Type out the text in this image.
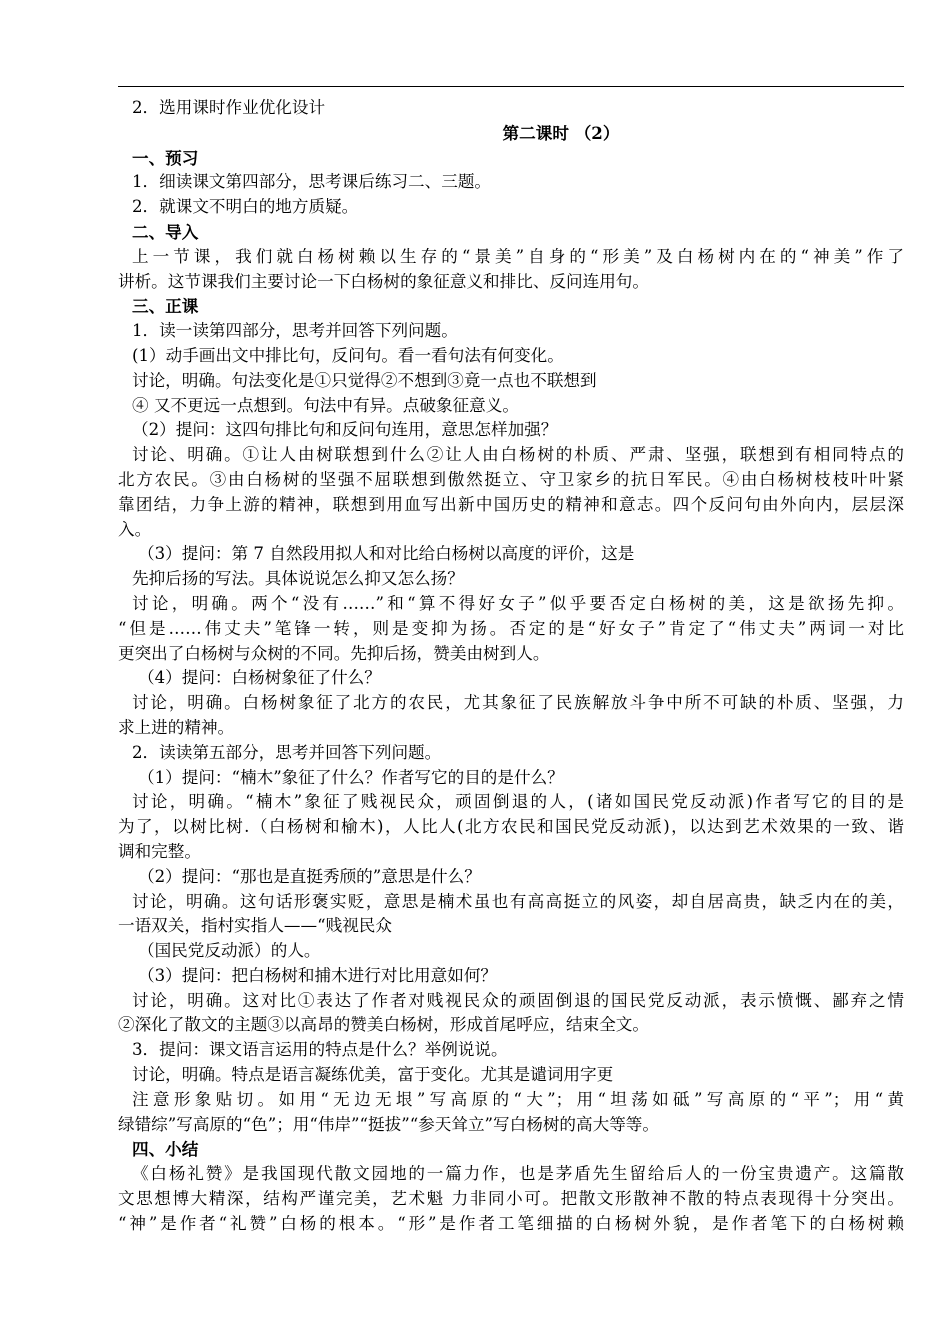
2．选用课时作业优化设计
第二课时 （2）
一、预习
1．细读课文第四部分，思考课后练习二、三题。
2．就课文不明白的地方质疑。
二、导入
上一节课，我们就白杨树赖以生存的“景美”自身的“形美”及白杨树内在的“神美”作了
讲析。这节课我们主要讨论一下白杨树的象征意义和排比、反问连用句。
三、正课
1．读一读第四部分，思考并回答下列问题。
(1）动手画出文中排比句，反问句。看一看句法有何变化。
讨论，明确。句法变化是①只觉得②不想到③竟一点也不联想到
④ 又不更远一点想到。句法中有异。点破象征意义。
（2）提问：这四句排比句和反问句连用，意思怎样加强？
讨论、明确。①让人由树联想到什么②让人由白杨树的朴质、严肃、坚强，联想到有相同特点的
北方农民。③由白杨树的坚强不屈联想到傲然挺立、守卫家乡的抗日军民。④由白杨树枝枝叶叶紧
靠团结，力争上游的精神，联想到用血写出新中国历史的精神和意志。四个反问句由外向内，层层深
入。
（3）提问：第 7 自然段用拟人和对比给白杨树以高度的评价，这是
先抑后扬的写法。具体说说怎么抑又怎么扬？
讨论，明确。两个“没有……”和“算不得好女子”似乎要否定白杨树的美，这是欲扬先抑。
“但是……伟丈夫”笔锋一转，则是变抑为扬。否定的是“好女子”肯定了“伟丈夫”两词一对比
更突出了白杨树与众树的不同。先抑后扬，赞美由树到人。
（4）提问：白杨树象征了什么？
讨论，明确。白杨树象征了北方的农民，尤其象征了民族解放斗争中所不可缺的朴质、坚强，力
求上进的精神。
2．读读第五部分，思考并回答下列问题。
（1）提问：“楠木”象征了什么？作者写它的目的是什么？
讨论，明确。“楠木”象征了贱视民众，顽固倒退的人，(诸如国民党反动派)作者写它的目的是
为了，以树比树.（白杨树和榆木)，人比人(北方农民和国民党反动派)，以达到艺术效果的一致、谐
调和完整。
（2）提问：“那也是直挺秀颀的”意思是什么？
讨论，明确。这句话形褒实贬，意思是楠术虽也有高高挺立的风姿，却自居高贵，缺乏内在的美，
一语双关，指村实指人——“贱视民众
（国民党反动派）的人。
（3）提问：把白杨树和捕木进行对比用意如何？
讨论，明确。这对比①表达了作者对贱视民众的顽固倒退的国民党反动派，表示愤慨、鄙弃之情
②深化了散文的主题③以高昂的赞美白杨树，形成首尾呼应，结束全文。
3．提问：课文语言运用的特点是什么？举例说说。
讨论，明确。特点是语言凝练优美，富于变化。尤其是谴词用字更
注意形象贴切。如用“无边无垠”写高原的“大”；用“坦荡如砥”写高原的“平”；用“黄
绿错综”写高原的“色”；用“伟岸”“挺拔”“参天耸立”写白杨树的高大等等。
四、小结
《白杨礼赞》是我国现代散文园地的一篇力作，也是茅盾先生留给后人的一份宝贵遗产。这篇散
文思想博大精深，结构严谨完美，艺术魁 力非同小可。把散文形散神不散的特点表现得十分突出。
“神”是作者“礼赞”白杨的根本。“形”是作者工笔细描的白杨树外貌，是作者笔下的白杨树赖
